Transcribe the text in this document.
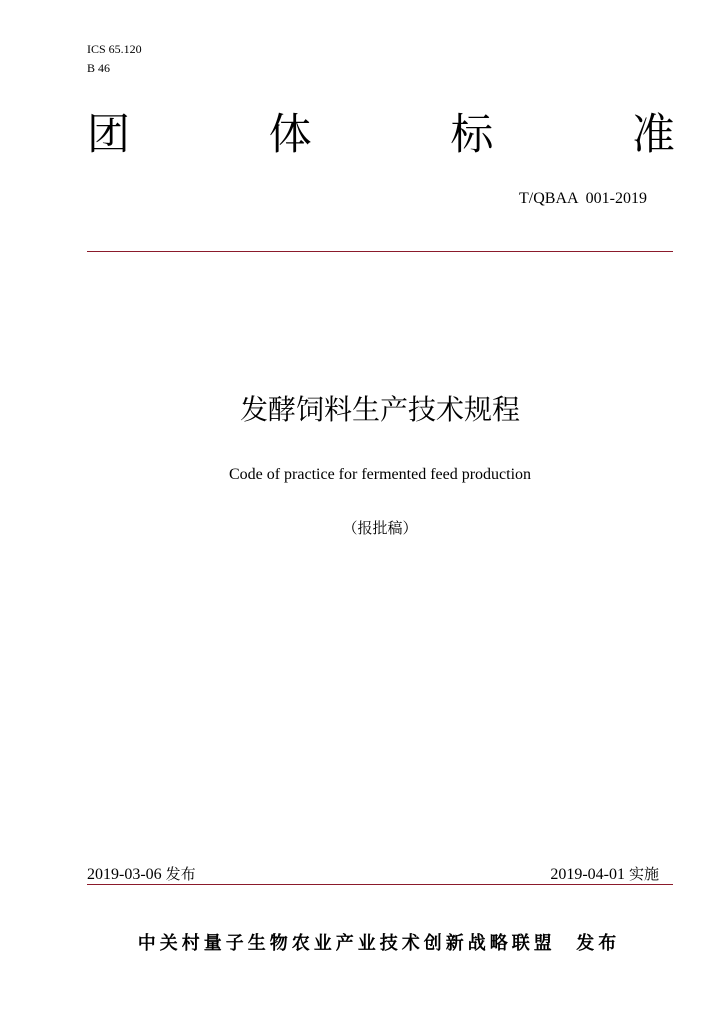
ICS 65.120
B 46
团	体	标	准
T/QBAA  001-2019
发酵饲料生产技术规程
Code of practice for fermented feed production
（报批稿）
2019-03-06 发布	2019-04-01 实施
中关村量子生物农业产业技术创新战略联盟 发布
